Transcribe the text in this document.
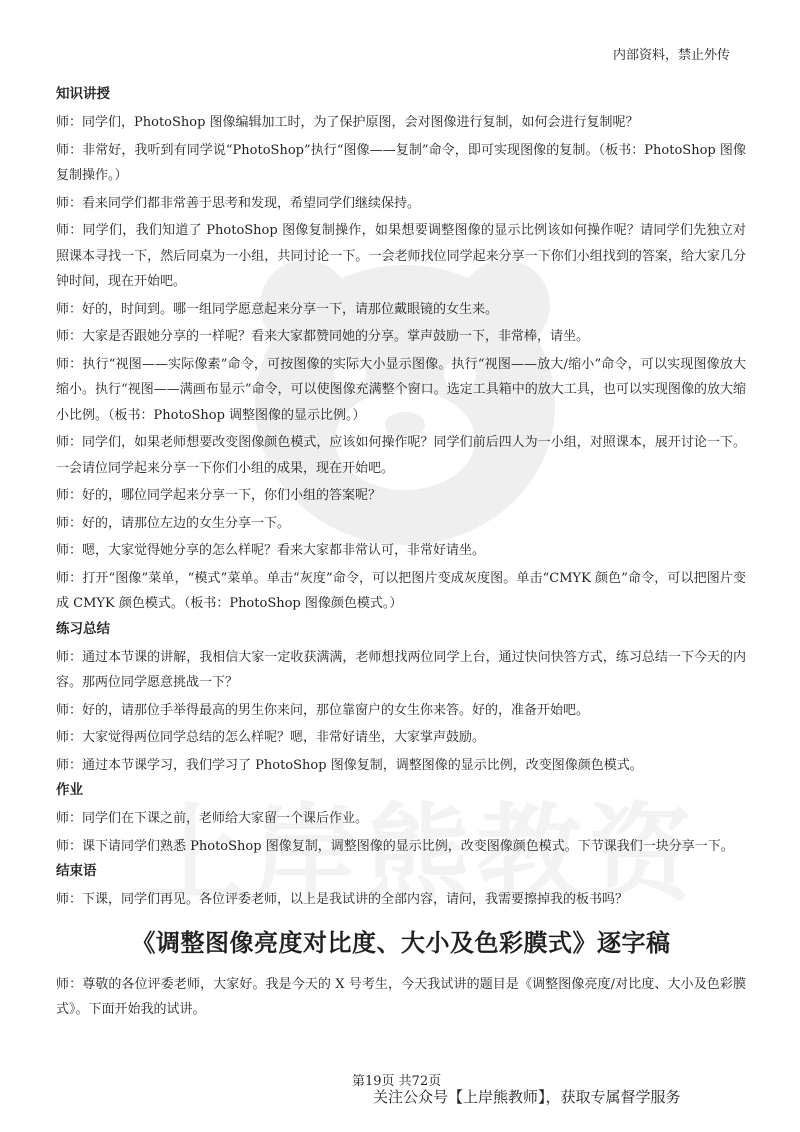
内部资料，禁止外传
知识讲授

师：同学们，PhotoShop 图像编辑加工时，为了保护原图，会对图像进行复制，如何会进行复制呢？

师：非常好，我听到有同学说“PhotoShop”执行“图像——复制”命令，即可实现图像的复制。（板书：PhotoShop 图像复制操作。）

师：看来同学们都非常善于思考和发现，希望同学们继续保持。

师：同学们，我们知道了 PhotoShop 图像复制操作，如果想要调整图像的显示比例该如何操作呢？请同学们先独立对照课本寻找一下，然后同桌为一小组，共同讨论一下。一会老师找位同学起来分享一下你们小组找到的答案，给大家几分钟时间，现在开始吧。

师：好的，时间到。哪一组同学愿意起来分享一下，请那位戴眼镜的女生来。

师：大家是否跟她分享的一样呢？看来大家都赞同她的分享。掌声鼓励一下，非常棒，请坐。

师：执行“视图——实际像素”命令，可按图像的实际大小显示图像。执行“视图——放大/缩小”命令，可以实现图像放大缩小。执行“视图——满画布显示”命令，可以使图像充满整个窗口。选定工具箱中的放大工具，也可以实现图像的放大缩小比例。（板书：PhotoShop 调整图像的显示比例。）

师：同学们，如果老师想要改变图像颜色模式，应该如何操作呢？同学们前后四人为一小组，对照课本，展开讨论一下。一会请位同学起来分享一下你们小组的成果，现在开始吧。

师：好的，哪位同学起来分享一下，你们小组的答案呢？

师：好的，请那位左边的女生分享一下。

师：嗯，大家觉得她分享的怎么样呢？看来大家都非常认可，非常好请坐。

师：打开“图像”菜单，“模式”菜单。单击“灰度”命令，可以把图片变成灰度图。单击“CMYK 颜色”命令，可以把图片变成 CMYK 颜色模式。（板书：PhotoShop 图像颜色模式。）

练习总结

师：通过本节课的讲解，我相信大家一定收获满满，老师想找两位同学上台，通过快问快答方式，练习总结一下今天的内容。那两位同学愿意挑战一下？

师：好的，请那位手举得最高的男生你来问，那位靠窗户的女生你来答。好的，准备开始吧。

师：大家觉得两位同学总结的怎么样呢？嗯，非常好请坐，大家掌声鼓励。

师：通过本节课学习，我们学习了 PhotoShop 图像复制，调整图像的显示比例，改变图像颜色模式。

作业

师：同学们在下课之前，老师给大家留一个课后作业。

师：课下请同学们熟悉 PhotoShop 图像复制，调整图像的显示比例，改变图像颜色模式。下节课我们一块分享一下。

结束语

师：下课，同学们再见。各位评委老师，以上是我试讲的全部内容，请问，我需要擦掉我的板书吗？

《调整图像亮度对比度、大小及色彩膜式》逐字稿

师：尊敬的各位评委老师，大家好。我是今天的 X 号考生，今天我试讲的题目是《调整图像亮度/对比度、大小及色彩膜式》。下面开始我的试讲。

第19页 共72页
关注公众号【上岸熊教师】，获取专属督学服务
